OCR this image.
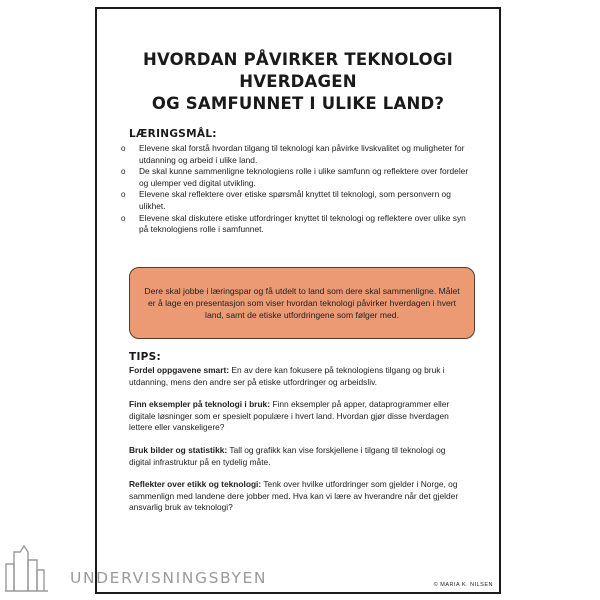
HVORDAN PÅVIRKER TEKNOLOGI HVERDAGEN
OG SAMFUNNET I ULIKE LAND?
LÆRINGSMÅL:
o Elevene skal forstå hvordan tilgang til teknologi kan påvirke livskvalitet og muligheter for utdanning og arbeid i ulike land.
o De skal kunne sammenligne teknologiens rolle i ulike samfunn og reflektere over fordeler og ulemper ved digital utvikling.
o Elevene skal reflektere over etiske spørsmål knyttet til teknologi, som personvern og ulikhet.
o Elevene skal diskutere etiske utfordringer knyttet til teknologi og reflektere over ulike syn på teknologiens rolle i samfunnet.
Dere skal jobbe i læringspar og få utdelt to land som dere skal sammenligne. Målet er å lage en presentasjon som viser hvordan teknologi påvirker hverdagen i hvert land, samt de etiske utfordringene som følger med.
TIPS:
Fordel oppgavene smart: En av dere kan fokusere på teknologiens tilgang og bruk i utdanning, mens den andre ser på etiske utfordringer og arbeidsliv.
Finn eksempler på teknologi i bruk: Finn eksempler på apper, dataprogrammer eller digitale løsninger som er spesielt populære i hvert land. Hvordan gjør disse hverdagen lettere eller vanskeligere?
Bruk bilder og statistikk: Tall og grafikk kan vise forskjellene i tilgang til teknologi og digital infrastruktur på en tydelig måte.
Reflekter over etikk og teknologi: Tenk over hvilke utfordringer som gjelder i Norge, og sammenlign med landene dere jobber med. Hva kan vi lære av hverandre når det gjelder ansvarlig bruk av teknologi?
© MARIA K. NILSEN
UNDERVISNINGSBYEN
